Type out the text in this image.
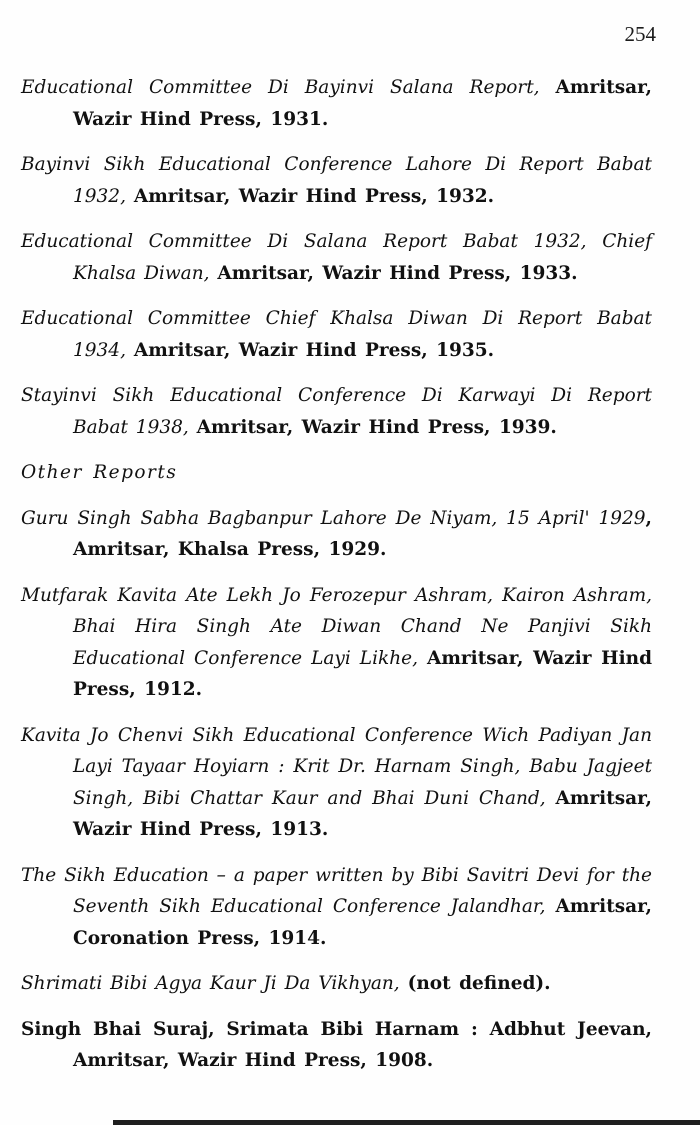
254

Educational Committee Di Bayinvi Salana Report, Amritsar, Wazir Hind Press, 1931.

Bayinvi Sikh Educational Conference Lahore Di Report Babat 1932, Amritsar, Wazir Hind Press, 1932.

Educational Committee Di Salana Report Babat 1932, Chief Khalsa Diwan, Amritsar, Wazir Hind Press, 1933.

Educational Committee Chief Khalsa Diwan Di Report Babat 1934, Amritsar, Wazir Hind Press, 1935.

Stayinvi Sikh Educational Conference Di Karwayi Di Report Babat 1938, Amritsar, Wazir Hind Press, 1939.

Other Reports

Guru Singh Sabha Bagbanpur Lahore De Niyam, 15 April' 1929, Amritsar, Khalsa Press, 1929.

Mutfarak Kavita Ate Lekh Jo Ferozepur Ashram, Kairon Ashram, Bhai Hira Singh Ate Diwan Chand Ne Panjivi Sikh Educational Conference Layi Likhe, Amritsar, Wazir Hind Press, 1912.

Kavita Jo Chenvi Sikh Educational Conference Wich Padiyan Jan Layi Tayaar Hoyiarn : Krit Dr. Harnam Singh, Babu Jagjeet Singh, Bibi Chattar Kaur and Bhai Duni Chand, Amritsar, Wazir Hind Press, 1913.

The Sikh Education – a paper written by Bibi Savitri Devi for the Seventh Sikh Educational Conference Jalandhar, Amritsar, Coronation Press, 1914.

Shrimati Bibi Agya Kaur Ji Da Vikhyan, (not defined).

Singh Bhai Suraj, Srimata Bibi Harnam : Adbhut Jeevan, Amritsar, Wazir Hind Press, 1908.
